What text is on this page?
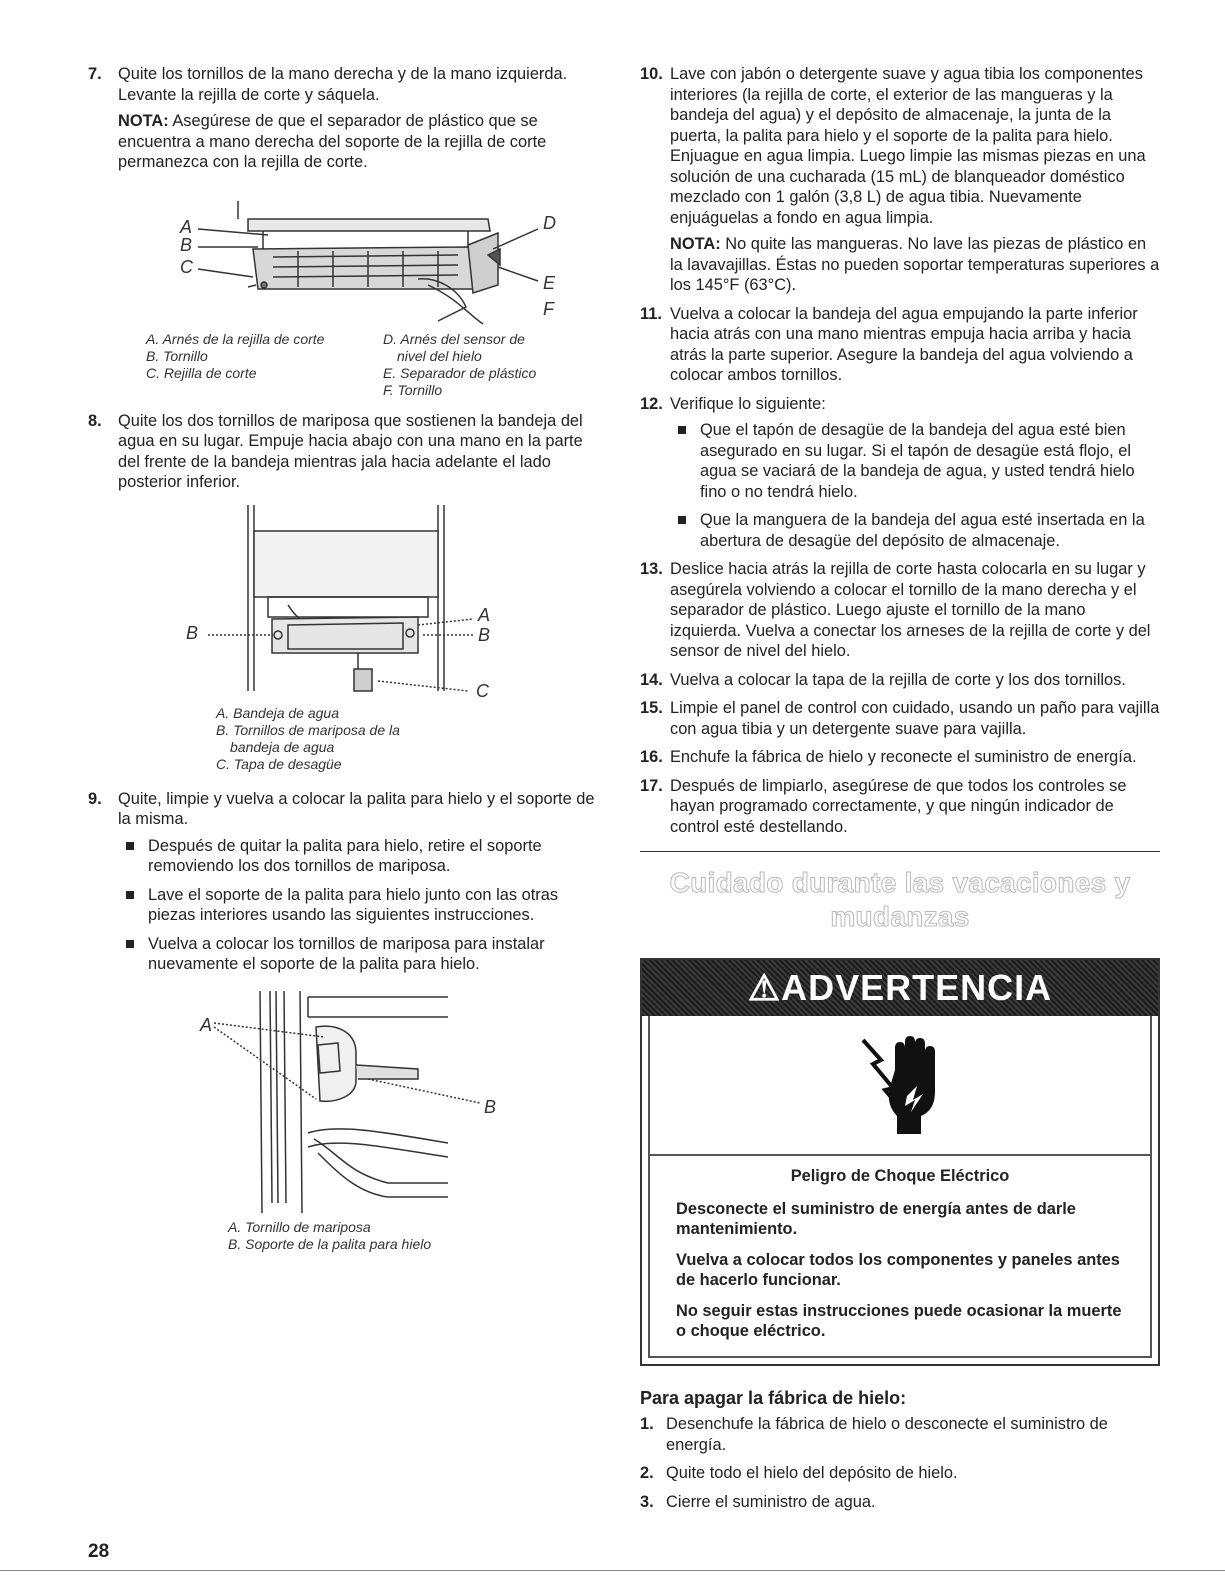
7. Quite los tornillos de la mano derecha y de la mano izquierda. Levante la rejilla de corte y sáquela.

NOTA: Asegúrese de que el separador de plástico que se encuentra a mano derecha del soporte de la rejilla de corte permanezca con la rejilla de corte.

A
B
C
D
E
F
A. Arnés de la rejilla de corte
B. Tornillo
C. Rejilla de corte
D. Arnés del sensor de
nivel del hielo
E. Separador de plástico
F. Tornillo
8. Quite los dos tornillos de mariposa que sostienen la bandeja del agua en su lugar. Empuje hacia abajo con una mano en la parte del frente de la bandeja mientras jala hacia adelante el lado posterior inferior.

B
A
B
C
A. Bandeja de agua
B. Tornillos de mariposa de la
bandeja de agua
C. Tapa de desagüe
9. Quite, limpie y vuelva a colocar la palita para hielo y el soporte de la misma.

Después de quitar la palita para hielo, retire el soporte removiendo los dos tornillos de mariposa.
Lave el soporte de la palita para hielo junto con las otras piezas interiores usando las siguientes instrucciones.
Vuelva a colocar los tornillos de mariposa para instalar nuevamente el soporte de la palita para hielo.
A
B
A. Tornillo de mariposa
B. Soporte de la palita para hielo
10. Lave con jabón o detergente suave y agua tibia los componentes interiores (la rejilla de corte, el exterior de las mangueras y la bandeja del agua) y el depósito de almacenaje, la junta de la puerta, la palita para hielo y el soporte de la palita para hielo. Enjuague en agua limpia. Luego limpie las mismas piezas en una solución de una cucharada (15 mL) de blanqueador doméstico mezclado con 1 galón (3,8 L) de agua tibia. Nuevamente enjuáguelas a fondo en agua limpia.

NOTA: No quite las mangueras. No lave las piezas de plástico en la lavavajillas. Éstas no pueden soportar temperaturas superiores a los 145°F (63°C).

11. Vuelva a colocar la bandeja del agua empujando la parte inferior hacia atrás con una mano mientras empuja hacia arriba y hacia atrás la parte superior. Asegure la bandeja del agua volviendo a colocar ambos tornillos.

12. Verifique lo siguiente:

Que el tapón de desagüe de la bandeja del agua esté bien asegurado en su lugar. Si el tapón de desagüe está flojo, el agua se vaciará de la bandeja de agua, y usted tendrá hielo fino o no tendrá hielo.
Que la manguera de la bandeja del agua esté insertada en la abertura de desagüe del depósito de almacenaje.
13. Deslice hacia atrás la rejilla de corte hasta colocarla en su lugar y asegúrela volviendo a colocar el tornillo de la mano derecha y el separador de plástico. Luego ajuste el tornillo de la mano izquierda. Vuelva a conectar los arneses de la rejilla de corte y del sensor de nivel del hielo.

14. Vuelva a colocar la tapa de la rejilla de corte y los dos tornillos.

15. Limpie el panel de control con cuidado, usando un paño para vajilla con agua tibia y un detergente suave para vajilla.

16. Enchufe la fábrica de hielo y reconecte el suministro de energía.

17. Después de limpiarlo, asegúrese de que todos los controles se hayan programado correctamente, y que ningún indicador de control esté destellando.

Cuidado durante las vacaciones y
mudanzas
⚠ADVERTENCIA

Peligro de Choque Eléctrico

Desconecte el suministro de energía antes de darle mantenimiento.

Vuelva a colocar todos los componentes y paneles antes de hacerlo funcionar.

No seguir estas instrucciones puede ocasionar la muerte o choque eléctrico.

Para apagar la fábrica de hielo:
1. Desenchufe la fábrica de hielo o desconecte el suministro de energía.

2. Quite todo el hielo del depósito de hielo.

3. Cierre el suministro de agua.

28
